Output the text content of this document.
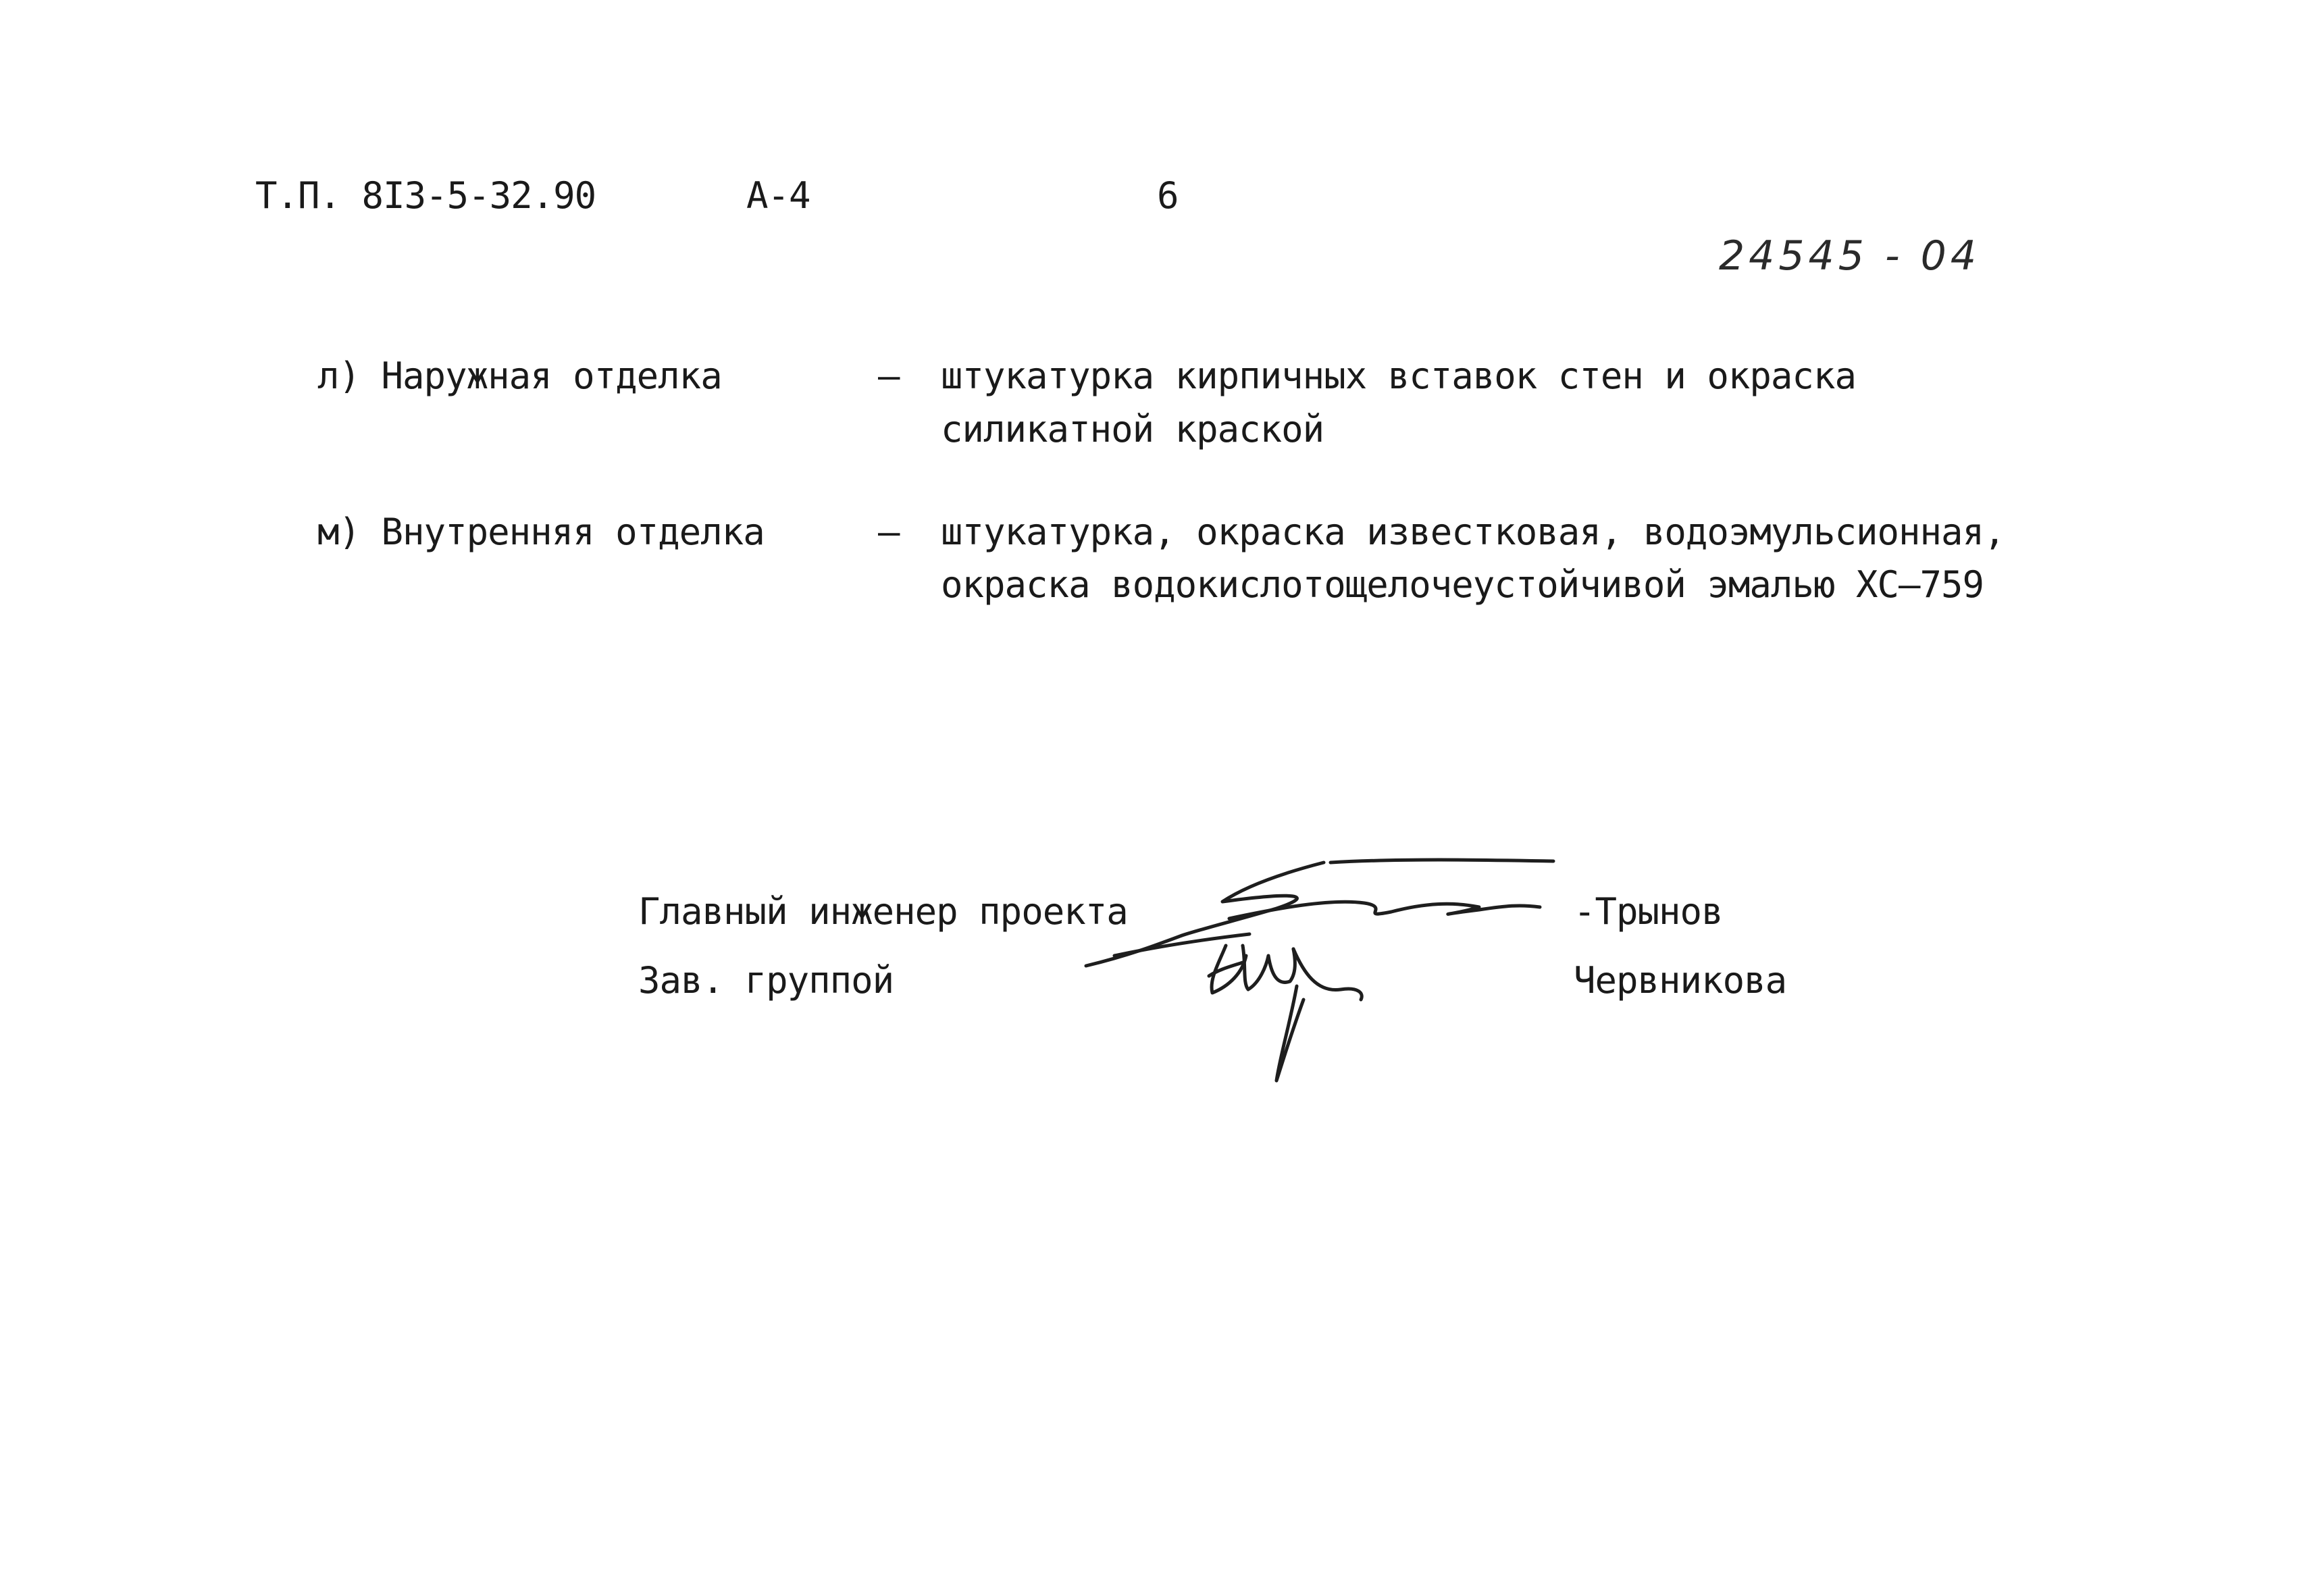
Т.П. 8I3-5-32.90	А-4	6
24545 - 04
л) Наружная отделка	– штукатурка кирпичных вставок стен и окраска
силикатной краской
м) Внутренняя отделка	– штукатурка, окраска известковая, водоэмульсионная,
окраска водокислотощелочеустойчивой эмалью ХС–759
Главный инженер проекта	-Трынов
Зав. группой	Червникова
